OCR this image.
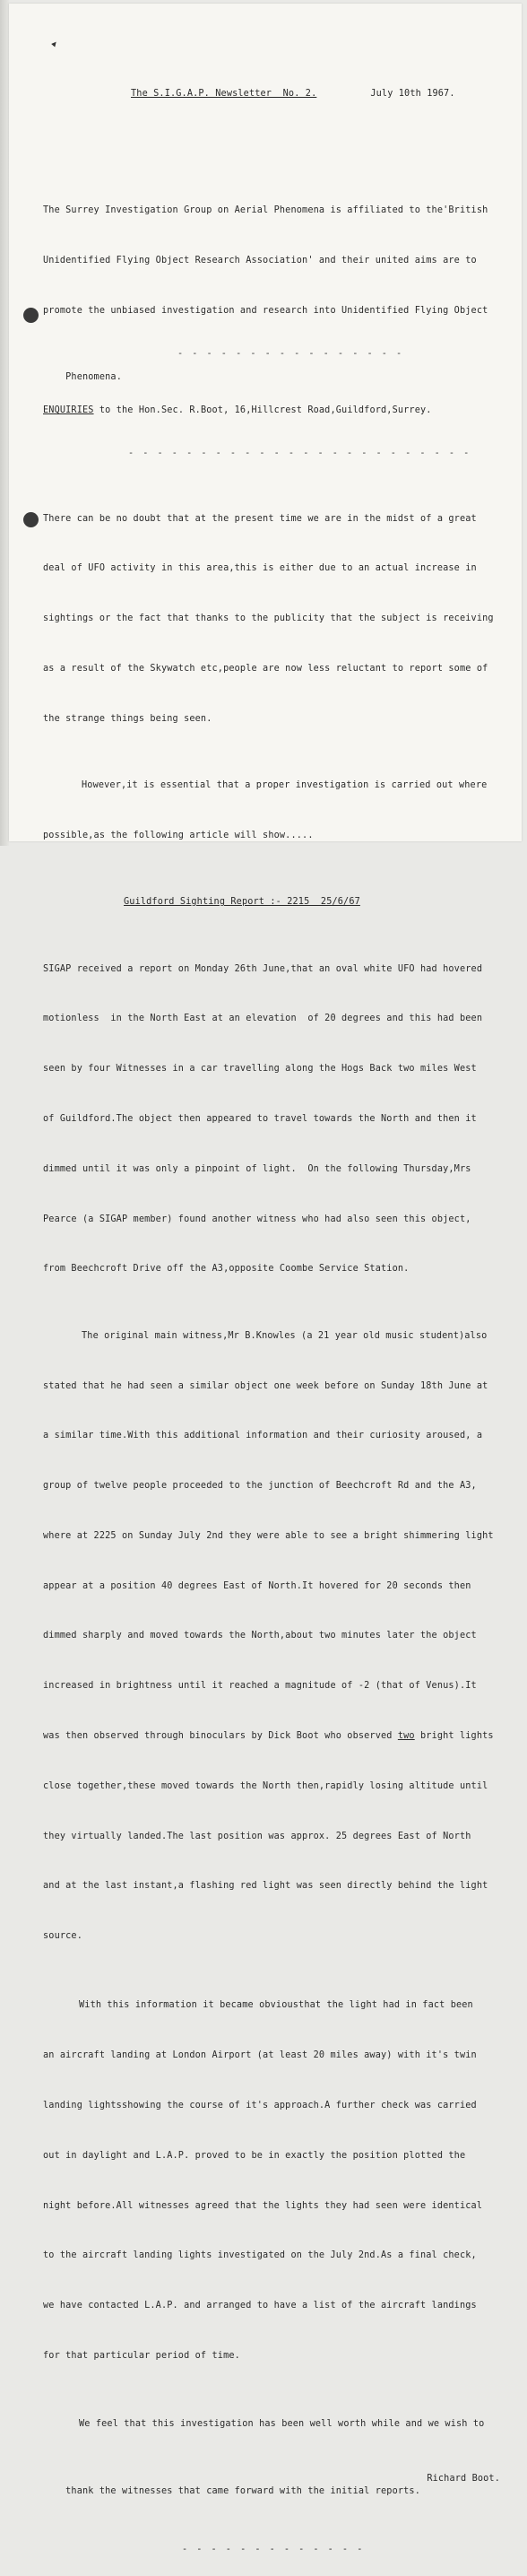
▲

The S.I.G.A.P. Newsletter  No. 2.	July 10th 1967.

The Surrey Investigation Group on Aerial Phenomena is affiliated to the'British

Unidentified Flying Object Research Association' and their united aims are to

promote the unbiased investigation and research into Unidentified Flying Object

Phenomena.
- - - - - - - - - - - - - - - -

ENQUIRIES to the Hon.Sec. R.Boot, 16,Hillcrest Road,Guildford,Surrey.

- - - - - - - - - - - - - - - - - - - - - - - -

There can be no doubt that at the present time we are in the midst of a great

deal of UFO activity in this area,this is either due to an actual increase in

sightings or the fact that thanks to the publicity that the subject is receiving

as a result of the Skywatch etc,people are now less reluctant to report some of

the strange things being seen.

However,it is essential that a proper investigation is carried out where

possible,as the following article will show.....

Guildford Sighting Report :- 2215  25/6/67

SIGAP received a report on Monday 26th June,that an oval white UFO had hovered

motionless  in the North East at an elevation  of 20 degrees and this had been

seen by four Witnesses in a car travelling along the Hogs Back two miles West

of Guildford.The object then appeared to travel towards the North and then it

dimmed until it was only a pinpoint of light.  On the following Thursday,Mrs

Pearce (a SIGAP member) found another witness who had also seen this object,

from Beechcroft Drive off the A3,opposite Coombe Service Station.

The original main witness,Mr B.Knowles (a 21 year old music student)also

stated that he had seen a similar object one week before on Sunday 18th June at

a similar time.With this additional information and their curiosity aroused, a

group of twelve people proceeded to the junction of Beechcroft Rd and the A3,

where at 2225 on Sunday July 2nd they were able to see a bright shimmering light

appear at a position 40 degrees East of North.It hovered for 20 seconds then

dimmed sharply and moved towards the North,about two minutes later the object

increased in brightness until it reached a magnitude of -2 (that of Venus).It

was then observed through binoculars by Dick Boot who observed two bright lights

close together,these moved towards the North then,rapidly losing altitude until

they virtually landed.The last position was approx. 25 degrees East of North

and at the last instant,a flashing red light was seen directly behind the light

source.

With this information it became obviousthat the light had in fact been

an aircraft landing at London Airport (at least 20 miles away) with it's twin

landing lightsshowing the course of it's approach.A further check was carried

out in daylight and L.A.P. proved to be in exactly the position plotted the

night before.All witnesses agreed that the lights they had seen were identical

to the aircraft landing lights investigated on the July 2nd.As a final check,

we have contacted L.A.P. and arranged to have a list of the aircraft landings

for that particular period of time.

We feel that this investigation has been well worth while and we wish to

thank the witnesses that came forward with the initial reports.

Richard Boot.

- - - - - - - - - - - - -
